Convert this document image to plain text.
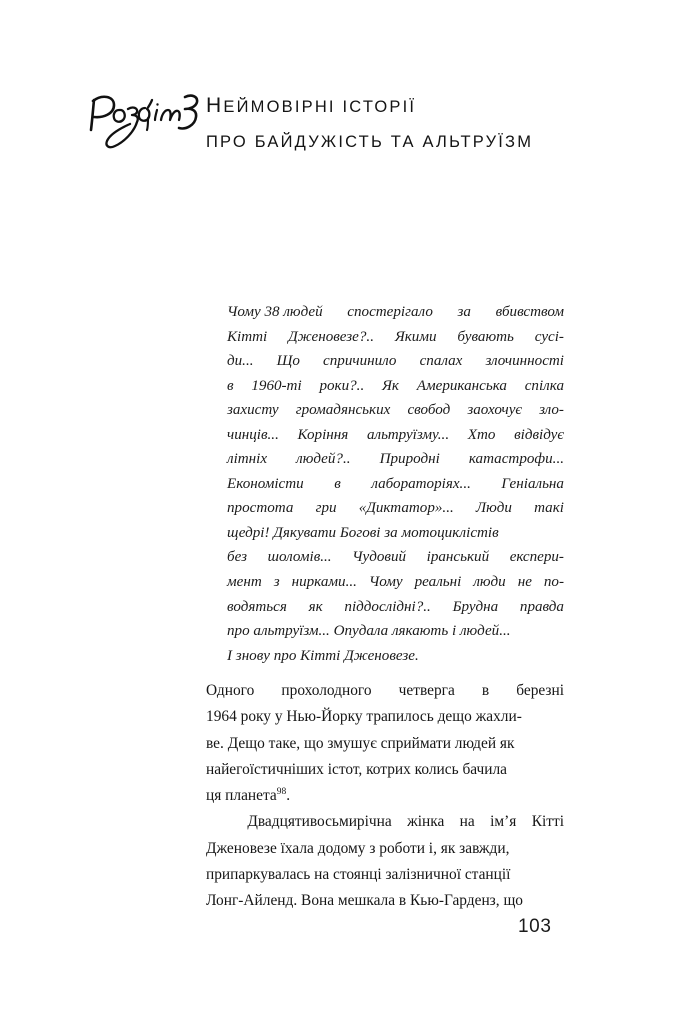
НЕЙМОВІРНІ ІСТОРІЇ
ПРО БАЙДУЖІСТЬ ТА АЛЬТРУЇЗМ
Чому 38 людей спостерігало за вбивством
Кітті Дженовезе?.. Якими бувають сусі-
ди... Що спричинило спалах злочинності
в 1960-ті роки?.. Як Американська спілка
захисту громадянських свобод заохочує зло-
чинців... Коріння альтруїзму... Хто відвідує
літніх людей?.. Природні катастрофи...
Економісти в лабораторіях... Геніальна
простота гри «Диктатор»... Люди такі
щедрі! Дякувати Богові за мотоциклістів
без шоломів... Чудовий іранський експери-
мент з нирками... Чому реальні люди не по-
водяться як піддослідні?.. Брудна правда
про альтруїзм... Опудала лякають і людей...
І знову про Кітті Дженовезе.

Одного прохолодного четверга в березні
1964 року у Нью-Йорку трапилось дещо жахли-
ве. Дещо таке, що змушує сприймати людей як
найегоїстичніших істот, котрих колись бачила
ця планета$^{98}$.

Двадцятивосьмирічна жінка на ім’я Кітті
Дженовезе їхала додому з роботи і, як завжди,
припаркувалась на стоянці залізничної станції
Лонг-Айленд. Вона мешкала в Кью-Гарденз, що

103
